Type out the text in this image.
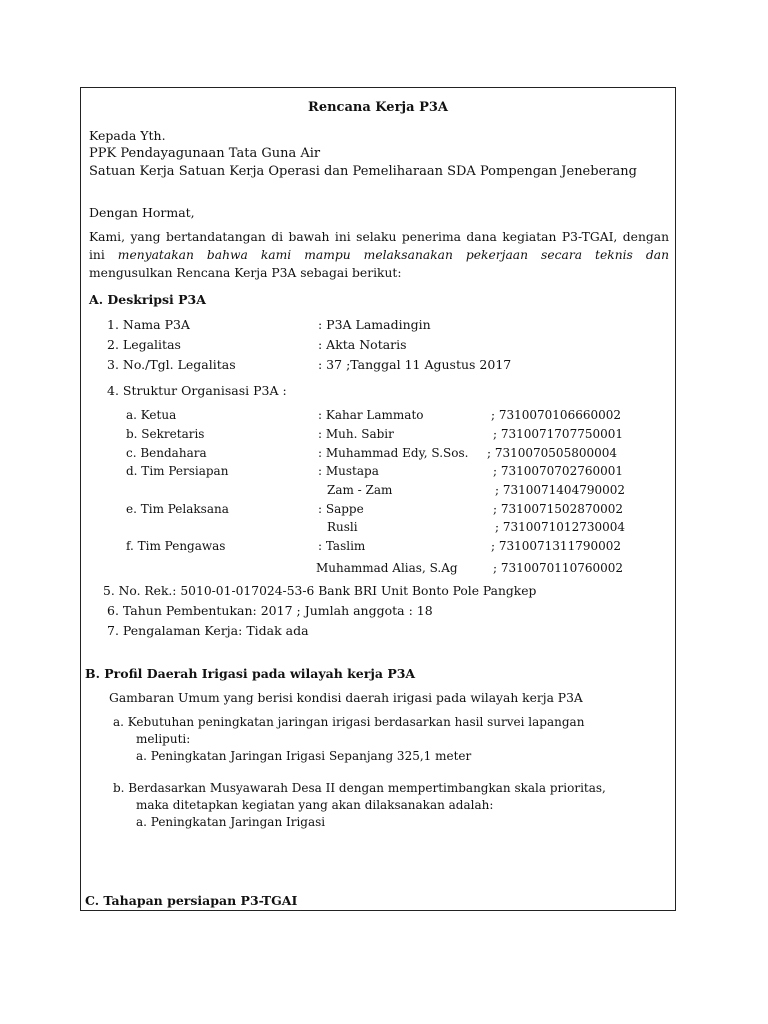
Rencana Kerja P3A
Kepada Yth.
PPK Pendayagunaan Tata Guna Air
Satuan Kerja Satuan Kerja Operasi dan Pemeliharaan SDA Pompengan Jeneberang
Dengan Hormat,
Kami, yang bertandatangan di bawah ini selaku penerima dana kegiatan P3-TGAI, dengan ini menyatakan bahwa kami mampu melaksanakan pekerjaan secara teknis dan mengusulkan Rencana Kerja P3A sebagai berikut:
A. Deskripsi P3A
1. Nama P3A	: P3A Lamadingin
2. Legalitas	: Akta Notaris
3. No./Tgl. Legalitas	: 37 ;Tanggal 11 Agustus 2017
4. Struktur Organisasi P3A :
a. Ketua	: Kahar Lammato	; 7310070106660002
b. Sekretaris	: Muh. Sabir	; 7310071707750001
c. Bendahara	: Muhammad Edy, S.Sos. ; 7310070505800004
d. Tim Persiapan	: Mustapa	; 7310070702760001
Zam - Zam	; 7310071404790002
e. Tim Pelaksana	: Sappe	; 7310071502870002
Rusli	; 7310071012730004
f. Tim Pengawas	: Taslim	; 7310071311790002
Muhammad Alias, S.Ag	; 7310070110760002
5. No. Rek.: 5010-01-017024-53-6 Bank BRI Unit Bonto Pole Pangkep
6. Tahun Pembentukan: 2017 ; Jumlah anggota : 18
7. Pengalaman Kerja: Tidak ada
B. Profil Daerah Irigasi pada wilayah kerja P3A
Gambaran Umum yang berisi kondisi daerah irigasi pada wilayah kerja P3A
a. Kebutuhan peningkatan jaringan irigasi berdasarkan hasil survei lapangan
meliputi:
a. Peningkatan Jaringan Irigasi Sepanjang 325,1 meter
b. Berdasarkan Musyawarah Desa II dengan mempertimbangkan skala prioritas,
maka ditetapkan kegiatan yang akan dilaksanakan adalah:
a. Peningkatan Jaringan Irigasi
C. Tahapan persiapan P3-TGAI
